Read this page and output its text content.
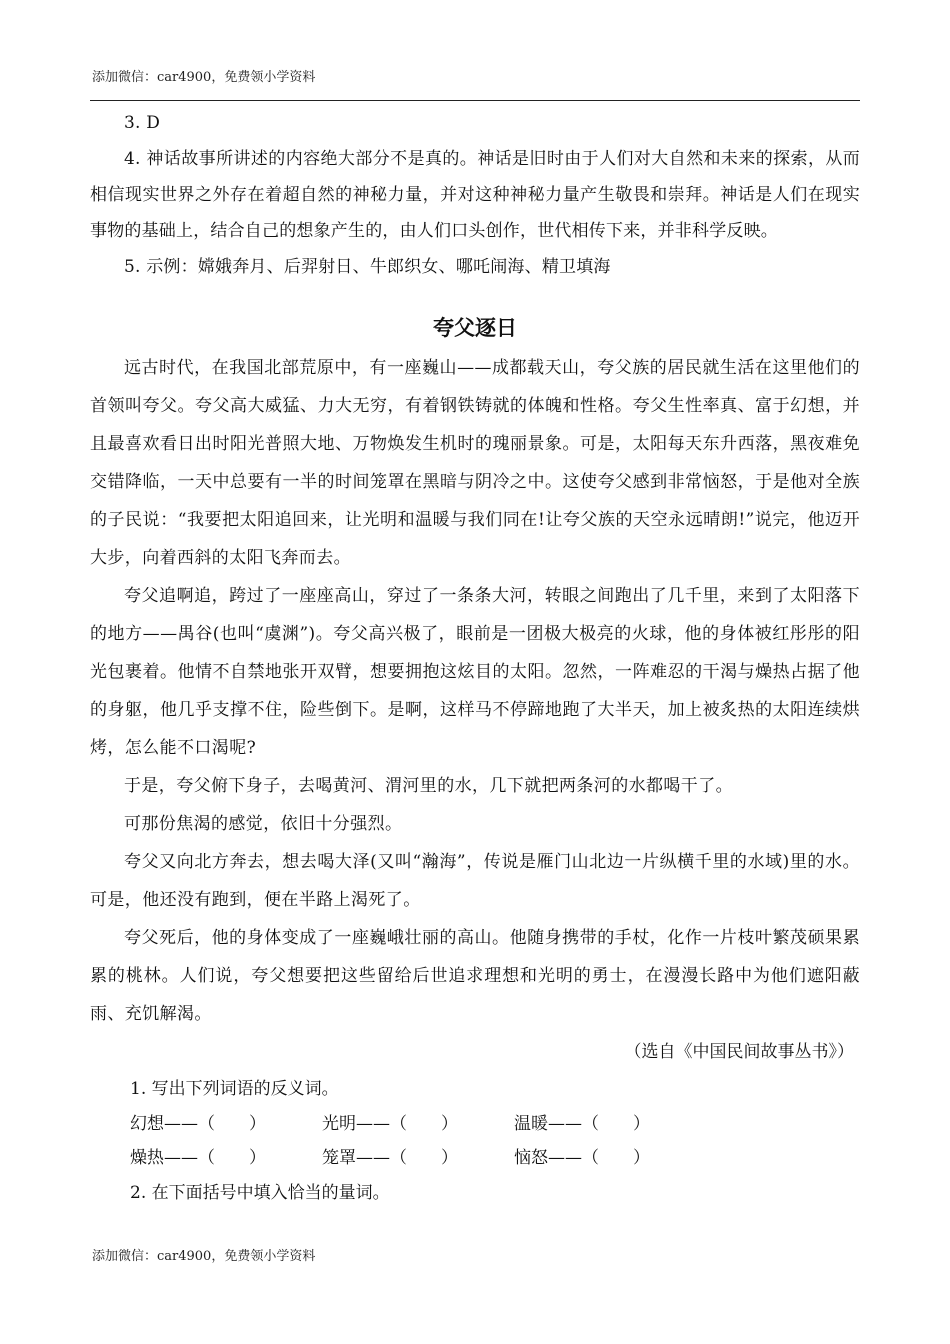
添加微信：car4900，免费领小学资料

3. D

4. 神话故事所讲述的内容绝大部分不是真的。神话是旧时由于人们对大自然和未来的探索，从而相信现实世界之外存在着超自然的神秘力量，并对这种神秘力量产生敬畏和崇拜。神话是人们在现实事物的基础上，结合自己的想象产生的，由人们口头创作，世代相传下来，并非科学反映。

5. 示例：嫦娥奔月、后羿射日、牛郎织女、哪吒闹海、精卫填海

夸父逐日

远古时代，在我国北部荒原中，有一座巍山——成都载天山，夸父族的居民就生活在这里他们的首领叫夸父。夸父高大威猛、力大无穷，有着钢铁铸就的体魄和性格。夸父生性率真、富于幻想，并且最喜欢看日出时阳光普照大地、万物焕发生机时的瑰丽景象。可是，太阳每天东升西落，黑夜难免交错降临，一天中总要有一半的时间笼罩在黑暗与阴冷之中。这使夸父感到非常恼怒，于是他对全族的子民说：“我要把太阳追回来，让光明和温暖与我们同在!让夸父族的天空永远晴朗!”说完，他迈开大步，向着西斜的太阳飞奔而去。

夸父追啊追，跨过了一座座高山，穿过了一条条大河，转眼之间跑出了几千里，来到了太阳落下的地方——禺谷(也叫“虞渊”)。夸父高兴极了，眼前是一团极大极亮的火球，他的身体被红彤彤的阳光包裹着。他情不自禁地张开双臂，想要拥抱这炫目的太阳。忽然，一阵难忍的干渴与燥热占据了他的身躯，他几乎支撑不住，险些倒下。是啊，这样马不停蹄地跑了大半天，加上被炙热的太阳连续烘烤，怎么能不口渴呢?

于是，夸父俯下身子，去喝黄河、渭河里的水，几下就把两条河的水都喝干了。

可那份焦渴的感觉，依旧十分强烈。

夸父又向北方奔去，想去喝大泽(又叫“瀚海”，传说是雁门山北边一片纵横千里的水域)里的水。可是，他还没有跑到，便在半路上渴死了。

夸父死后，他的身体变成了一座巍峨壮丽的高山。他随身携带的手杖，化作一片枝叶繁茂硕果累累的桃林。人们说，夸父想要把这些留给后世追求理想和光明的勇士，在漫漫长路中为他们遮阳蔽雨、充饥解渴。

（选自《中国民间故事丛书》）

1. 写出下列词语的反义词。

幻想——（　　）	光明——（　　）	温暖——（　　）
燥热——（　　）	笼罩——（　　）	恼怒——（　　）

2. 在下面括号中填入恰当的量词。

添加微信：car4900，免费领小学资料
